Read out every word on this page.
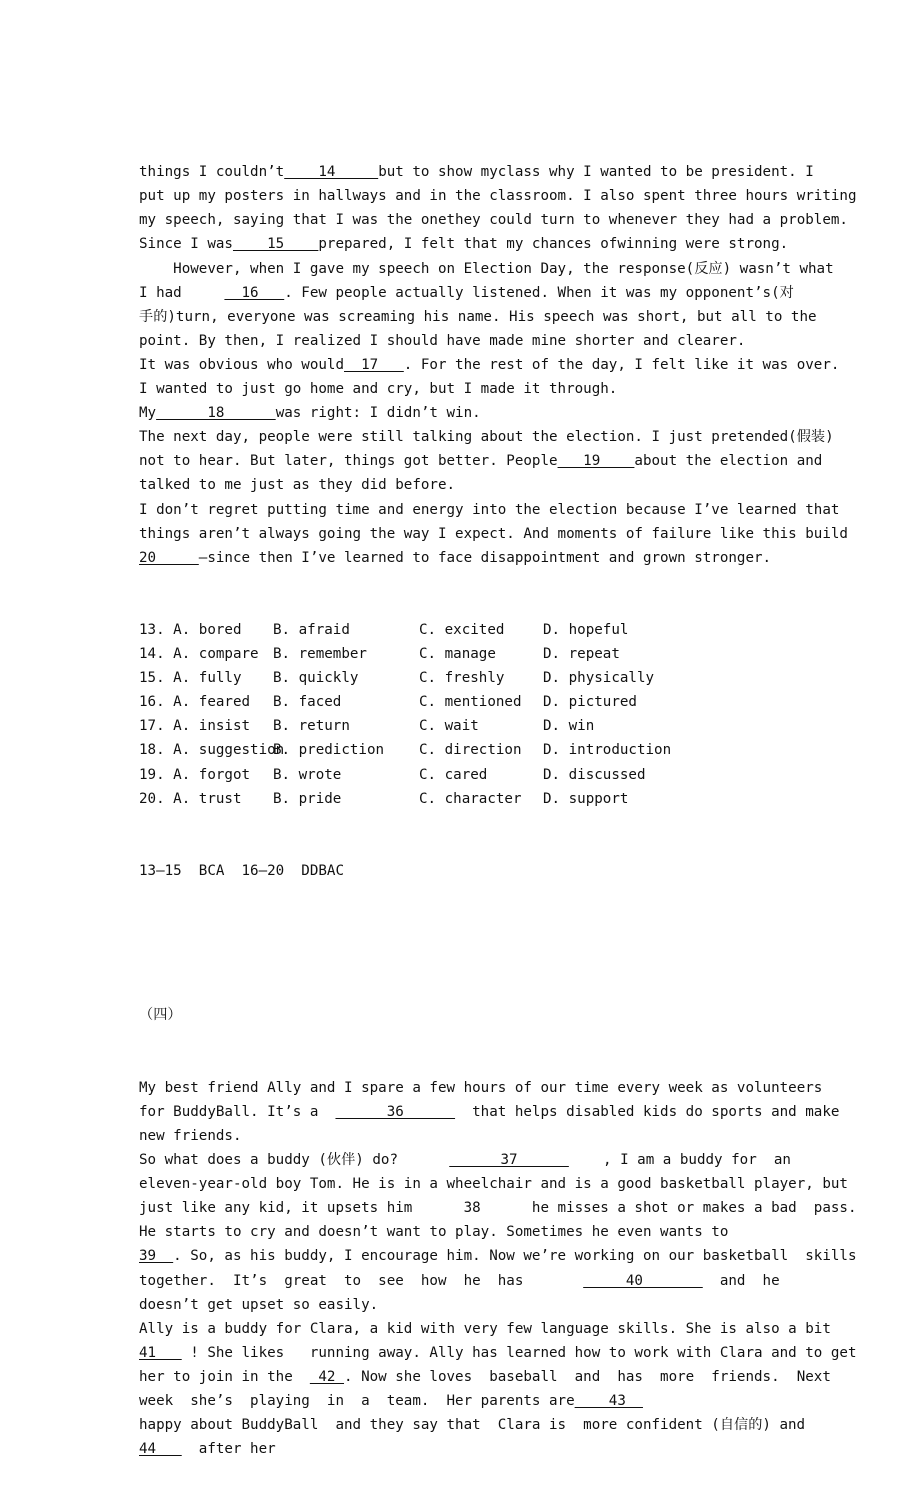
things I couldn’t    14     but to show myclass why I wanted to be president. I
put up my posters in hallways and in the classroom. I also spent three hours writing
my speech, saying that I was the onethey could turn to whenever they had a problem.
Since I was    15    prepared, I felt that my chances ofwinning were strong.
However, when I gave my speech on Election Day, the response(反应) wasn’t what
I had       16   . Few people actually listened. When it was my opponent’s(对
手的)turn, everyone was screaming his name. His speech was short, but all to the
point. By then, I realized I should have made mine shorter and clearer.
It was obvious who would  17   . For the rest of the day, I felt like it was over.
I wanted to just go home and cry, but I made it through.
My      18      was right: I didn’t win.
The next day, people were still talking about the election. I just pretended(假装)
not to hear. But later, things got better. People   19    about the election and
talked to me just as they did before.
I don’t regret putting time and energy into the election because I’ve learned that
things aren’t always going the way I expect. And moments of failure like this build
20     —since then I’ve learned to face disappointment and grown stronger.

13. A. bored B. afraid	C. excited	D. hopeful
14. A. compare B. remember	C. manage	D. repeat
15. A. fully B. quickly	C. freshly	D. physically
16. A. feared B. faced	C. mentioned D. pictured
17. A. insist B. return	C. wait	D. win
18. A. suggestionB. prediction C. direction D. introduction
19. A. forgot B. wrote	C. cared	D. discussed
20. A. trust B. pride	C. character D. support

13—15  BCA  16—20  DDBAC

（四）

My best friend Ally and I spare a few hours of our time every week as volunteers
for BuddyBall. It’s a        36        that helps disabled kids do sports and make
new friends.
So what does a buddy (伙伴) do?            37          , I am a buddy for  an
eleven-year-old boy Tom. He is in a wheelchair and is a good basketball player, but
just like any kid, it upsets him      38      he misses a shot or makes a bad  pass.
He starts to cry and doesn’t want to play. Sometimes he even wants to
39  . So, as his buddy, I encourage him. Now we’re working on our basketball  skills
together.  It’s  great  to  see  how  he  has            40         and  he
doesn’t get upset so easily.
Ally is a buddy for Clara, a kid with very few language skills. She is also a bit
41    ! She likes   running away. Ally has learned how to work with Clara and to get
her to join in the   42 . Now she loves  baseball  and  has  more  friends.  Next
week  she’s  playing  in  a  team.  Her parents are    43
happy about BuddyBall  and they say that  Clara is  more confident (自信的) and
44     after her
